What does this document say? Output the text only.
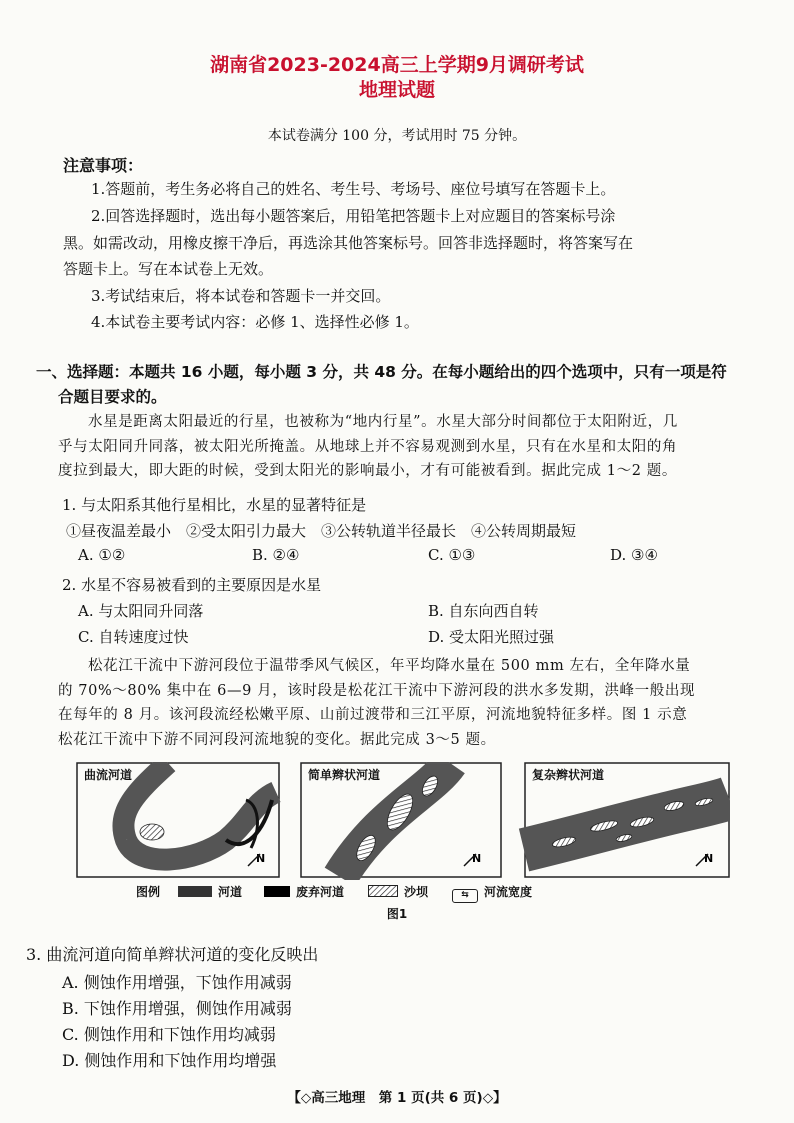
湖南省2023-2024高三上学期9月调研考试
地理试题
本试卷满分 100 分，考试用时 75 分钟。
注意事项：
1.答题前，考生务必将自己的姓名、考生号、考场号、座位号填写在答题卡上。
2.回答选择题时，选出每小题答案后，用铅笔把答题卡上对应题目的答案标号涂
黑。如需改动，用橡皮擦干净后，再选涂其他答案标号。回答非选择题时，将答案写在
答题卡上。写在本试卷上无效。
3.考试结束后，将本试卷和答题卡一并交回。
4.本试卷主要考试内容：必修 1、选择性必修 1。
一、选择题：本题共 16 小题，每小题 3 分，共 48 分。在每小题给出的四个选项中，只有一项是符
合题目要求的。
水星是距离太阳最近的行星，也被称为“地内行星”。水星大部分时间都位于太阳附近，几
乎与太阳同升同落，被太阳光所掩盖。从地球上并不容易观测到水星，只有在水星和太阳的角
度拉到最大，即大距的时候，受到太阳光的影响最小，才有可能被看到。据此完成 1～2 题。
1. 与太阳系其他行星相比，水星的显著特征是
①昼夜温差最小　②受太阳引力最大　③公转轨道半径最长　④公转周期最短
A. ①②	B. ②④	C. ①③	D. ③④
2. 水星不容易被看到的主要原因是水星
A. 与太阳同升同落	B. 自东向西自转
C. 自转速度过快	D. 受太阳光照过强
松花江干流中下游河段位于温带季风气候区，年平均降水量在 500 mm 左右，全年降水量
的 70%～80% 集中在 6—9 月，该时段是松花江干流中下游河段的洪水多发期，洪峰一般出现
在每年的 8 月。该河段流经松嫩平原、山前过渡带和三江平原，河流地貌特征多样。图 1 示意
松花江干流中下游不同河段河流地貌的变化。据此完成 3～5 题。
N	N	N
曲流河道	简单辫状河道	复杂辫状河道
图例	河道	废弃河道	沙坝	⇆ 河流宽度
图1
3. 曲流河道向简单辫状河道的变化反映出
A. 侧蚀作用增强，下蚀作用减弱
B. 下蚀作用增强，侧蚀作用减弱
C. 侧蚀作用和下蚀作用均减弱
D. 侧蚀作用和下蚀作用均增强
【◇高三地理　第 1 页(共 6 页)◇】
